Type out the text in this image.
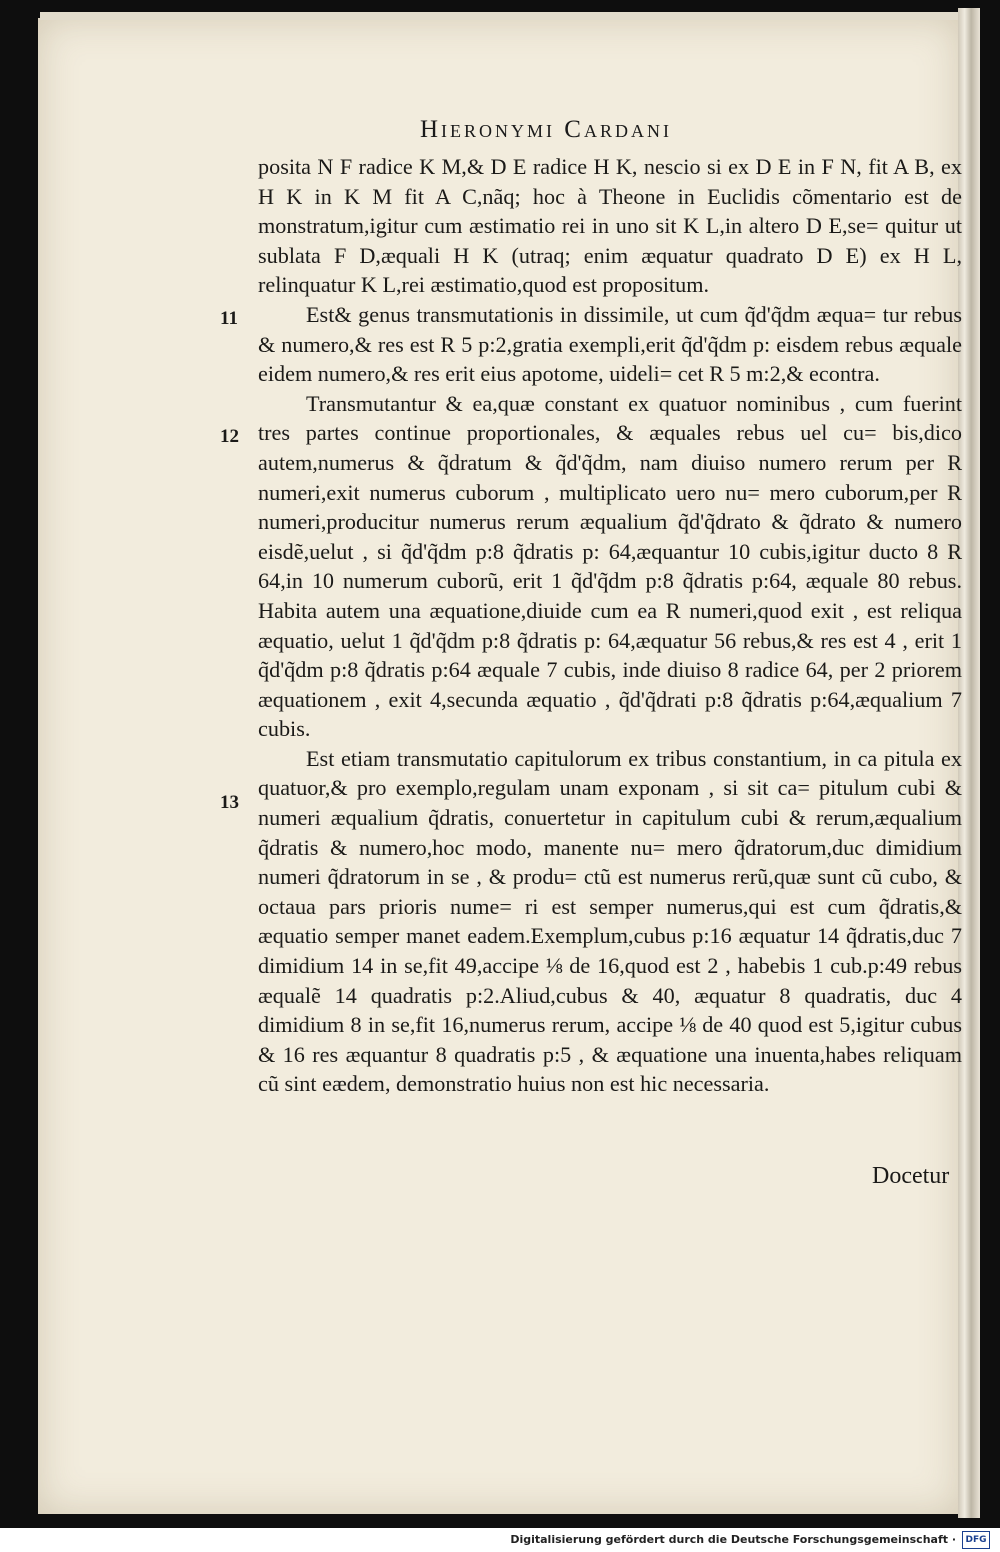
Hieronymi Cardani
11
12
13

posita N F radice K M,& D E radice H K, nescio si ex D E in F N, fit A B, ex H K in K M fit A C,nãq; hoc à Theone in Euclidis cõmentario est de monstratum,igitur cum æstimatio rei in uno sit K L,in altero D E,se= quitur ut sublata F D,æquali H K (utraq; enim æquatur quadrato D E) ex H L, relinquatur K L,rei æstimatio,quod est propositum.

Est& genus transmutationis in dissimile, ut cum q̃d'q̃dm æqua= tur rebus & numero,& res est R 5 p:2,gratia exempli,erit q̃d'q̃dm p: eisdem rebus æquale eidem numero,& res erit eius apotome, uideli= cet R 5 m:2,& econtra.

Transmutantur & ea,quæ constant ex quatuor nominibus , cum fuerint tres partes continue proportionales, & æquales rebus uel cu= bis,dico autem,numerus & q̃dratum & q̃d'q̃dm, nam diuiso numero rerum per R numeri,exit numerus cuborum , multiplicato uero nu= mero cuborum,per R numeri,producitur numerus rerum æqualium q̃d'q̃drato & q̃drato & numero eisdẽ,uelut , si q̃d'q̃dm p:8 q̃dratis p: 64,æquantur 10 cubis,igitur ducto 8 R 64,in 10 numerum cuborũ, erit 1 q̃d'q̃dm p:8 q̃dratis p:64, æquale 80 rebus. Habita autem una æquatione,diuide cum ea R numeri,quod exit , est reliqua æquatio, uelut 1 q̃d'q̃dm p:8 q̃dratis p: 64,æquatur 56 rebus,& res est 4 , erit 1 q̃d'q̃dm p:8 q̃dratis p:64 æquale 7 cubis, inde diuiso 8 radice 64, per 2 priorem æquationem , exit 4,secunda æquatio , q̃d'q̃drati p:8 q̃dratis p:64,æqualium 7 cubis.

Est etiam transmutatio capitulorum ex tribus constantium, in ca pitula ex quatuor,& pro exemplo,regulam unam exponam , si sit ca= pitulum cubi & numeri æqualium q̃dratis, conuertetur in capitulum cubi & rerum,æqualium q̃dratis & numero,hoc modo, manente nu= mero q̃dratorum,duc dimidium numeri q̃dratorum in se , & produ= ctũ est numerus rerũ,quæ sunt cũ cubo, & octaua pars prioris nume= ri est semper numerus,qui est cum q̃dratis,& æquatio semper manet eadem.Exemplum,cubus p:16 æquatur 14 q̃dratis,duc 7 dimidium 14 in se,fit 49,accipe ⅛ de 16,quod est 2 , habebis 1 cub.p:49 rebus æqualẽ 14 quadratis p:2.Aliud,cubus & 40, æquatur 8 quadratis, duc 4 dimidium 8 in se,fit 16,numerus rerum, accipe ⅛ de 40 quod est 5,igitur cubus & 16 res æquantur 8 quadratis p:5 , & æquatione una inuenta,habes reliquam cũ sint eædem, demonstratio huius non est hic necessaria.

Docetur
Digitalisierung gefördert durch die Deutsche Forschungsgemeinschaft ·	DFG
